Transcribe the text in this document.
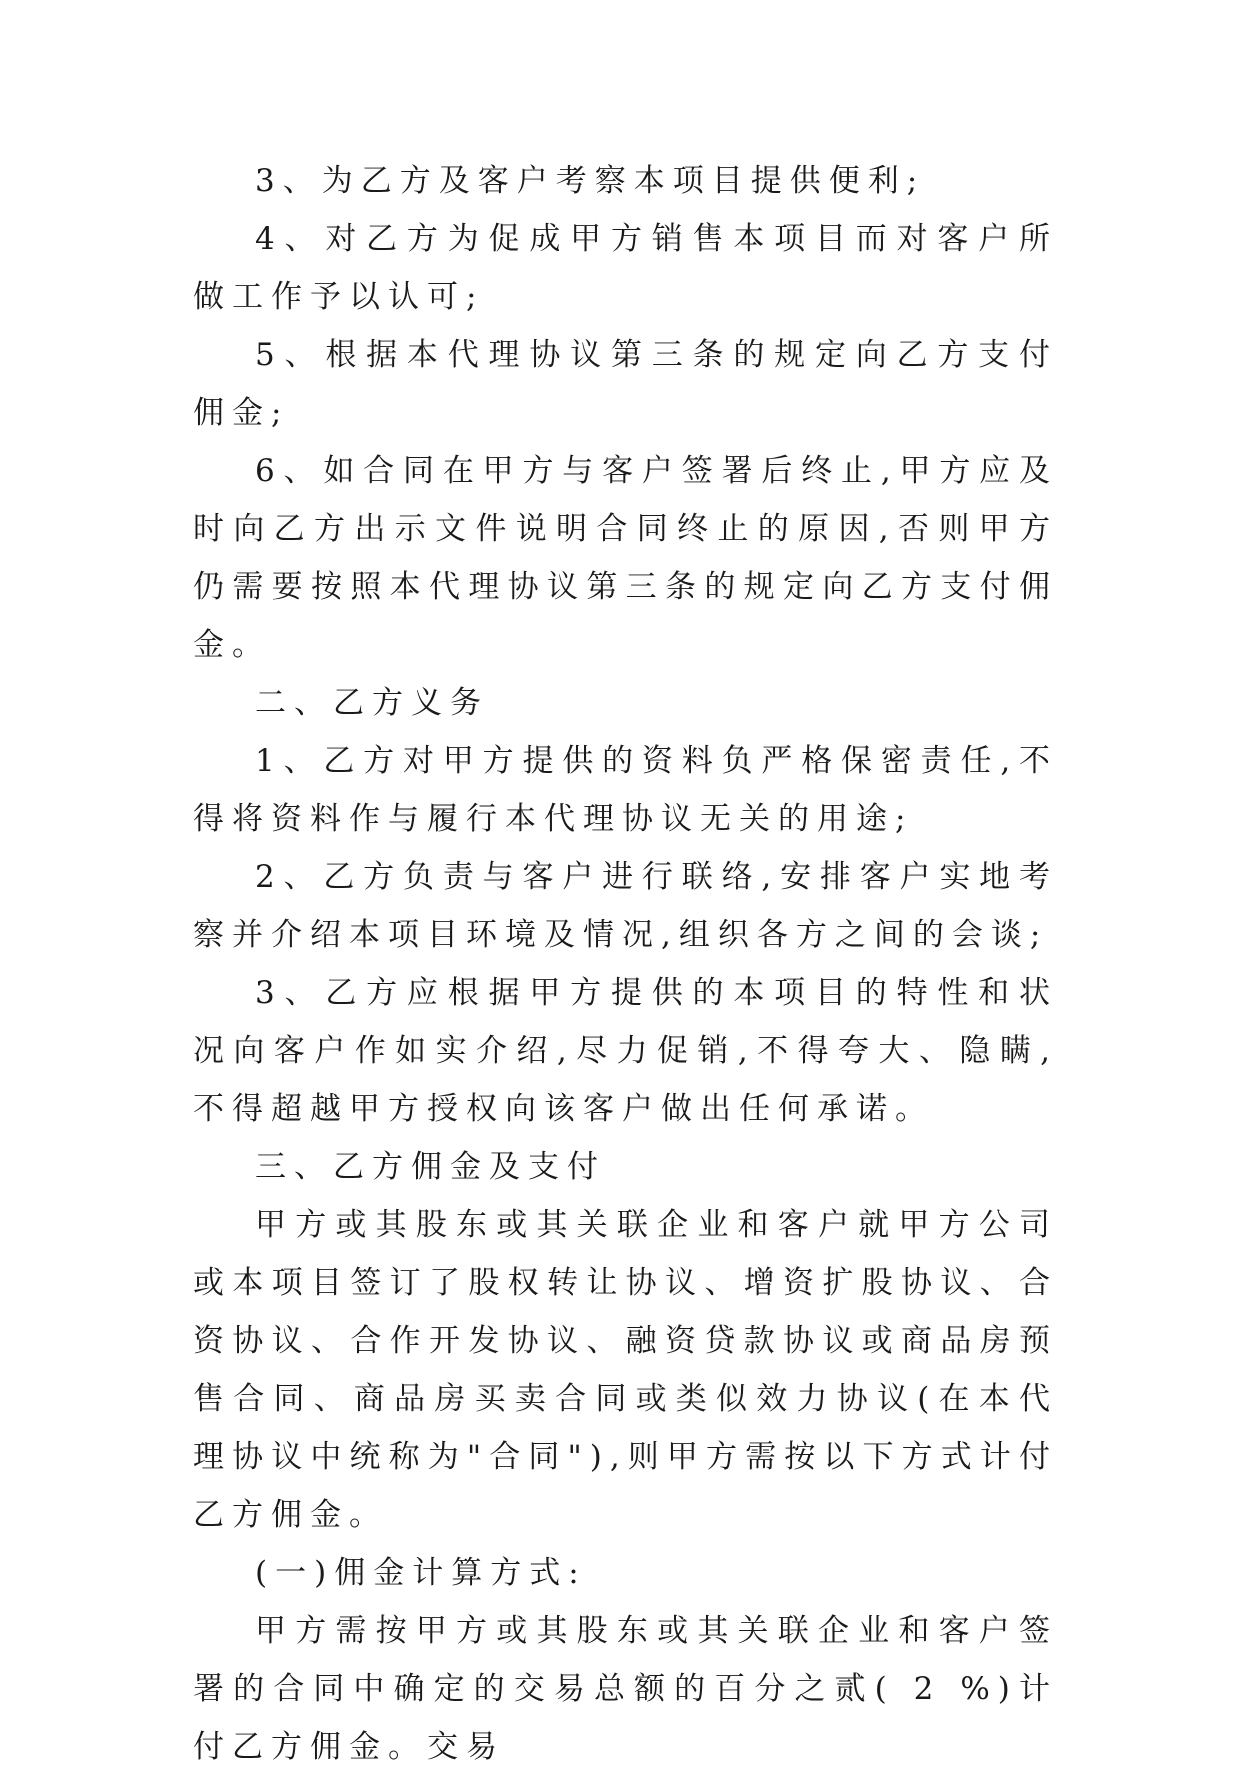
3、为乙方及客户考察本项目提供便利;

4、对乙方为促成甲方销售本项目而对客户所做工作予以认可;

5、根据本代理协议第三条的规定向乙方支付佣金;

6、如合同在甲方与客户签署后终止,甲方应及时向乙方出示文件说明合同终止的原因,否则甲方仍需要按照本代理协议第三条的规定向乙方支付佣金。

二、乙方义务

1、乙方对甲方提供的资料负严格保密责任,不得将资料作与履行本代理协议无关的用途;

2、乙方负责与客户进行联络,安排客户实地考察并介绍本项目环境及情况,组织各方之间的会谈;

3、乙方应根据甲方提供的本项目的特性和状况向客户作如实介绍,尽力促销,不得夸大、隐瞒,不得超越甲方授权向该客户做出任何承诺。

三、乙方佣金及支付

甲方或其股东或其关联企业和客户就甲方公司或本项目签订了股权转让协议、增资扩股协议、合资协议、合作开发协议、融资贷款协议或商品房预售合同、商品房买卖合同或类似效力协议(在本代理协议中统称为"合同"),则甲方需按以下方式计付乙方佣金。

(一)佣金计算方式:

甲方需按甲方或其股东或其关联企业和客户签署的合同中确定的交易总额的百分之贰( 2 %)计付乙方佣金。交易
